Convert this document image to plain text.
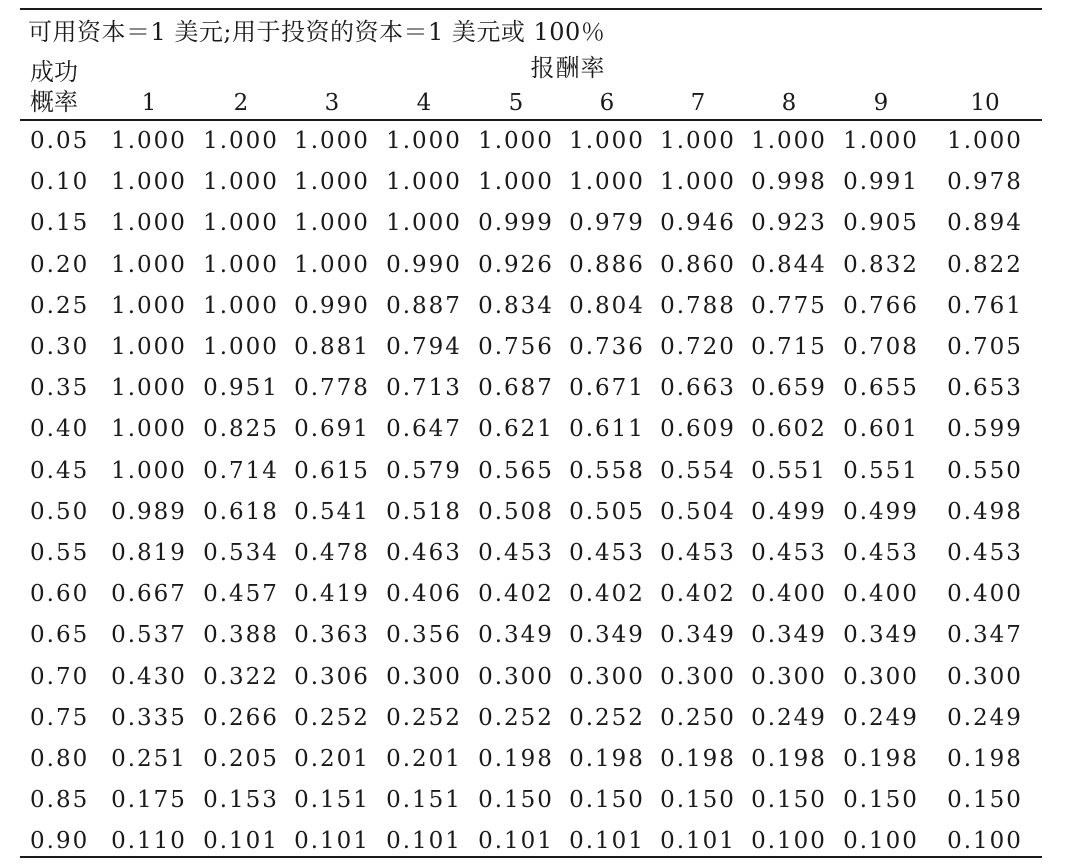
可用资本＝1 美元;用于投资的资本＝1 美元或 100％
成功
概率
报酬率
1	2	3	4	5	6	7	8	9	10
0.05 1.000 1.000 1.000 1.000 1.000 1.000 1.000 1.000 1.000 1.000
0.10 1.000 1.000 1.000 1.000 1.000 1.000 1.000 0.998 0.991 0.978
0.15 1.000 1.000 1.000 1.000 0.999 0.979 0.946 0.923 0.905 0.894
0.20 1.000 1.000 1.000 0.990 0.926 0.886 0.860 0.844 0.832 0.822
0.25 1.000 1.000 0.990 0.887 0.834 0.804 0.788 0.775 0.766 0.761
0.30 1.000 1.000 0.881 0.794 0.756 0.736 0.720 0.715 0.708 0.705
0.35 1.000 0.951 0.778 0.713 0.687 0.671 0.663 0.659 0.655 0.653
0.40 1.000 0.825 0.691 0.647 0.621 0.611 0.609 0.602 0.601 0.599
0.45 1.000 0.714 0.615 0.579 0.565 0.558 0.554 0.551 0.551 0.550
0.50 0.989 0.618 0.541 0.518 0.508 0.505 0.504 0.499 0.499 0.498
0.55 0.819 0.534 0.478 0.463 0.453 0.453 0.453 0.453 0.453 0.453
0.60 0.667 0.457 0.419 0.406 0.402 0.402 0.402 0.400 0.400 0.400
0.65 0.537 0.388 0.363 0.356 0.349 0.349 0.349 0.349 0.349 0.347
0.70 0.430 0.322 0.306 0.300 0.300 0.300 0.300 0.300 0.300 0.300
0.75 0.335 0.266 0.252 0.252 0.252 0.252 0.250 0.249 0.249 0.249
0.80 0.251 0.205 0.201 0.201 0.198 0.198 0.198 0.198 0.198 0.198
0.85 0.175 0.153 0.151 0.151 0.150 0.150 0.150 0.150 0.150 0.150
0.90 0.110 0.101 0.101 0.101 0.101 0.101 0.101 0.100 0.100 0.100
